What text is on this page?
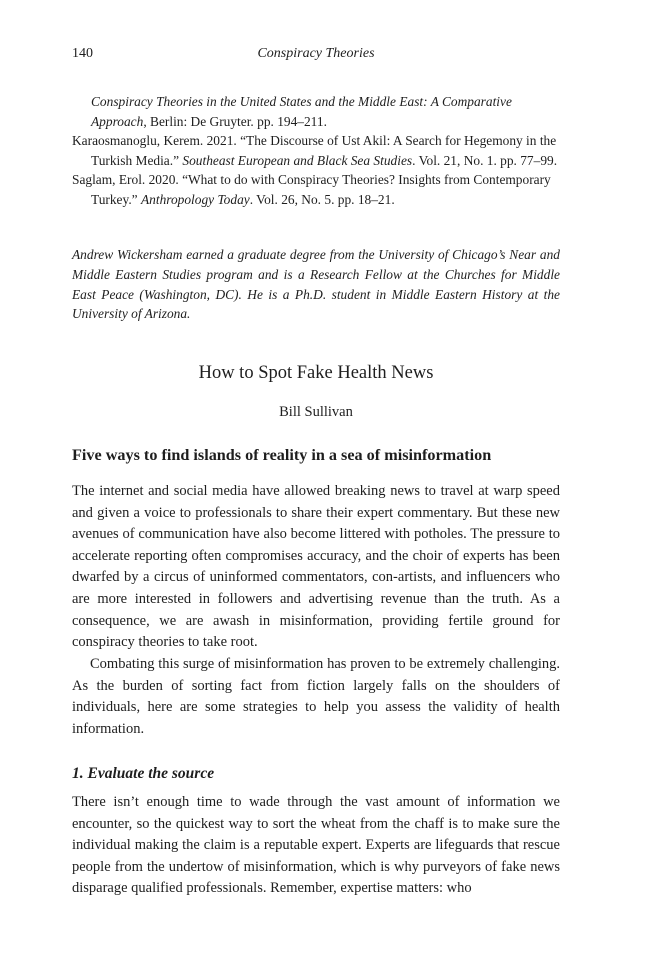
140	Conspiracy Theories

Conspiracy Theories in the United States and the Middle East: A Comparative
Approach, Berlin: De Gruyter. pp. 194–211.

Karaosmanoglu, Kerem. 2021. “The Discourse of Ust Akil: A Search for Hegemony in the Turkish Media.” Southeast European and Black Sea Studies. Vol. 21, No. 1. pp. 77–99.

Saglam, Erol. 2020. “What to do with Conspiracy Theories? Insights from Contemporary Turkey.” Anthropology Today. Vol. 26, No. 5. pp. 18–21.

Andrew Wickersham earned a graduate degree from the University of Chicago’s Near and Middle Eastern Studies program and is a Research Fellow at the Churches for Middle East Peace (Washington, DC). He is a Ph.D. student in Middle Eastern History at the University of Arizona.

How to Spot Fake Health News

Bill Sullivan

Five ways to find islands of reality in a sea of misinformation

The internet and social media have allowed breaking news to travel at warp speed and given a voice to professionals to share their expert commentary. But these new avenues of communication have also become littered with potholes. The pressure to accelerate reporting often compromises accuracy, and the choir of experts has been dwarfed by a circus of uninformed commentators, con-artists, and influencers who are more interested in followers and advertising revenue than the truth. As a consequence, we are awash in misinformation, providing fertile ground for conspiracy theories to take root.

Combating this surge of misinformation has proven to be extremely challenging. As the burden of sorting fact from fiction largely falls on the shoulders of individuals, here are some strategies to help you assess the validity of health information.

1. Evaluate the source

There isn’t enough time to wade through the vast amount of information we encounter, so the quickest way to sort the wheat from the chaff is to make sure the individual making the claim is a reputable expert. Experts are lifeguards that rescue people from the undertow of misinformation, which is why purveyors of fake news disparage qualified professionals. Remember, expertise matters: who
